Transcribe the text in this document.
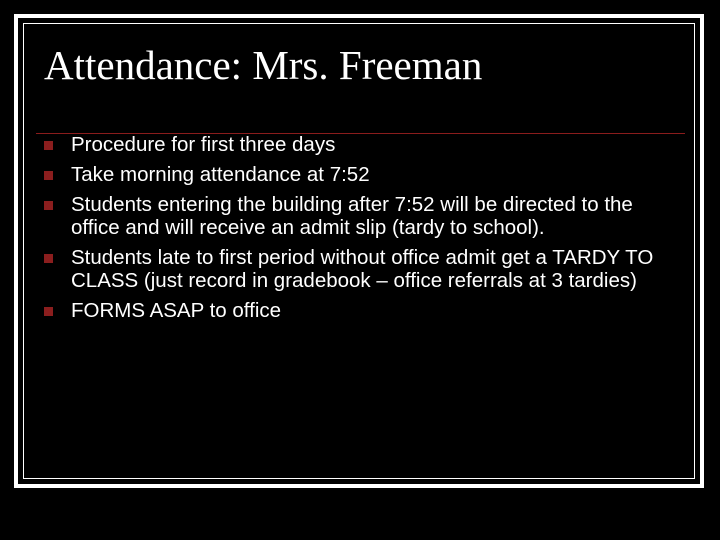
Attendance: Mrs. Freeman
Procedure for first three days
Take morning attendance at 7:52
Students entering the building after 7:52 will be directed to the office and will receive an admit slip (tardy to school).
Students late to first period without office admit get a TARDY TO CLASS (just record in gradebook – office referrals at 3 tardies)
FORMS ASAP to office
